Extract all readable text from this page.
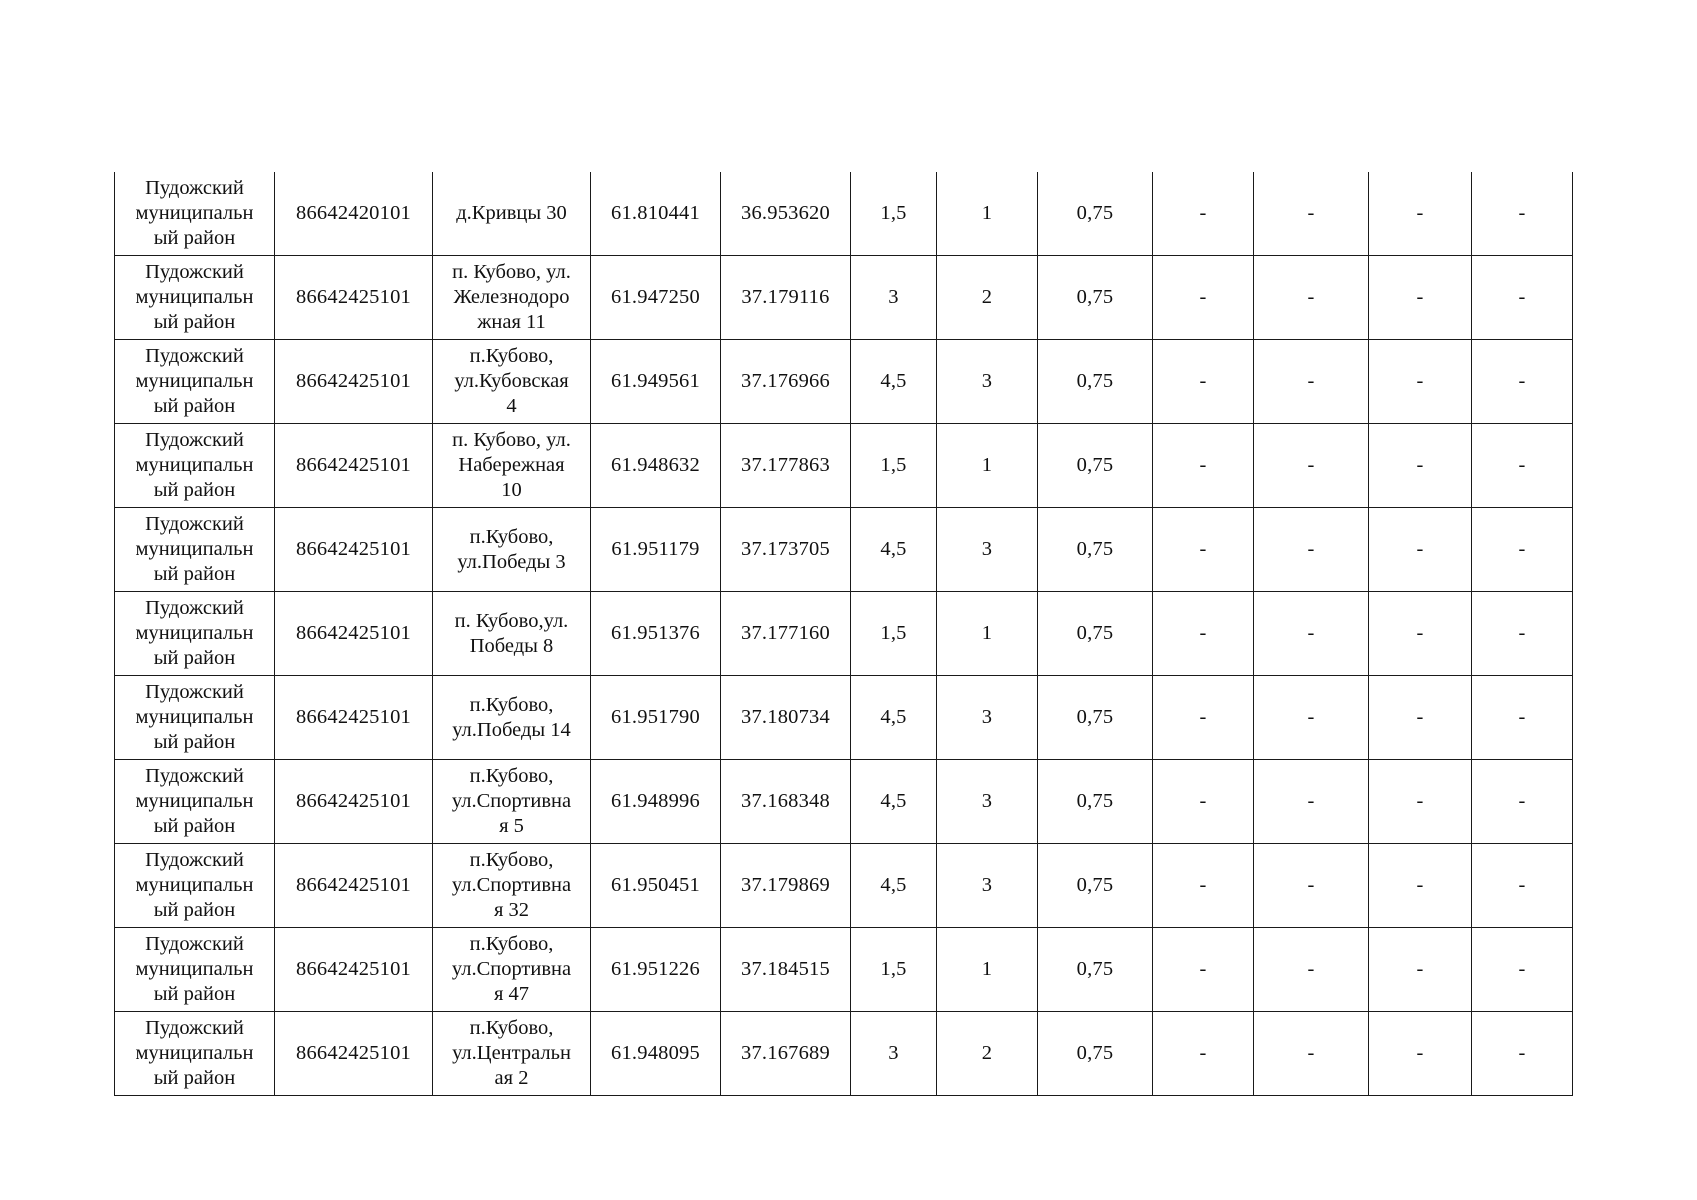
Пудожский
муниципальн
ый район	86642420101	д.Кривцы 30	61.810441	36.953620	1,5	1	0,75	-	-	-	-
Пудожский
муниципальн
ый район	86642425101	п. Кубово, ул.
Железнодоро
жная 11	61.947250	37.179116	3	2	0,75	-	-	-	-
Пудожский
муниципальн
ый район	86642425101	п.Кубово,
ул.Кубовская
4	61.949561	37.176966	4,5	3	0,75	-	-	-	-
Пудожский
муниципальн
ый район	86642425101	п. Кубово, ул.
Набережная
10	61.948632	37.177863	1,5	1	0,75	-	-	-	-
Пудожский
муниципальн
ый район	86642425101	п.Кубово,
ул.Победы 3	61.951179	37.173705	4,5	3	0,75	-	-	-	-
Пудожский
муниципальн
ый район	86642425101	п. Кубово,ул.
Победы 8	61.951376	37.177160	1,5	1	0,75	-	-	-	-
Пудожский
муниципальн
ый район	86642425101	п.Кубово,
ул.Победы 14	61.951790	37.180734	4,5	3	0,75	-	-	-	-
Пудожский
муниципальн
ый район	86642425101	п.Кубово,
ул.Спортивна
я 5	61.948996	37.168348	4,5	3	0,75	-	-	-	-
Пудожский
муниципальн
ый район	86642425101	п.Кубово,
ул.Спортивна
я 32	61.950451	37.179869	4,5	3	0,75	-	-	-	-
Пудожский
муниципальн
ый район	86642425101	п.Кубово,
ул.Спортивна
я 47	61.951226	37.184515	1,5	1	0,75	-	-	-	-
Пудожский
муниципальн
ый район	86642425101	п.Кубово,
ул.Центральн
ая 2	61.948095	37.167689	3	2	0,75	-	-	-	-
